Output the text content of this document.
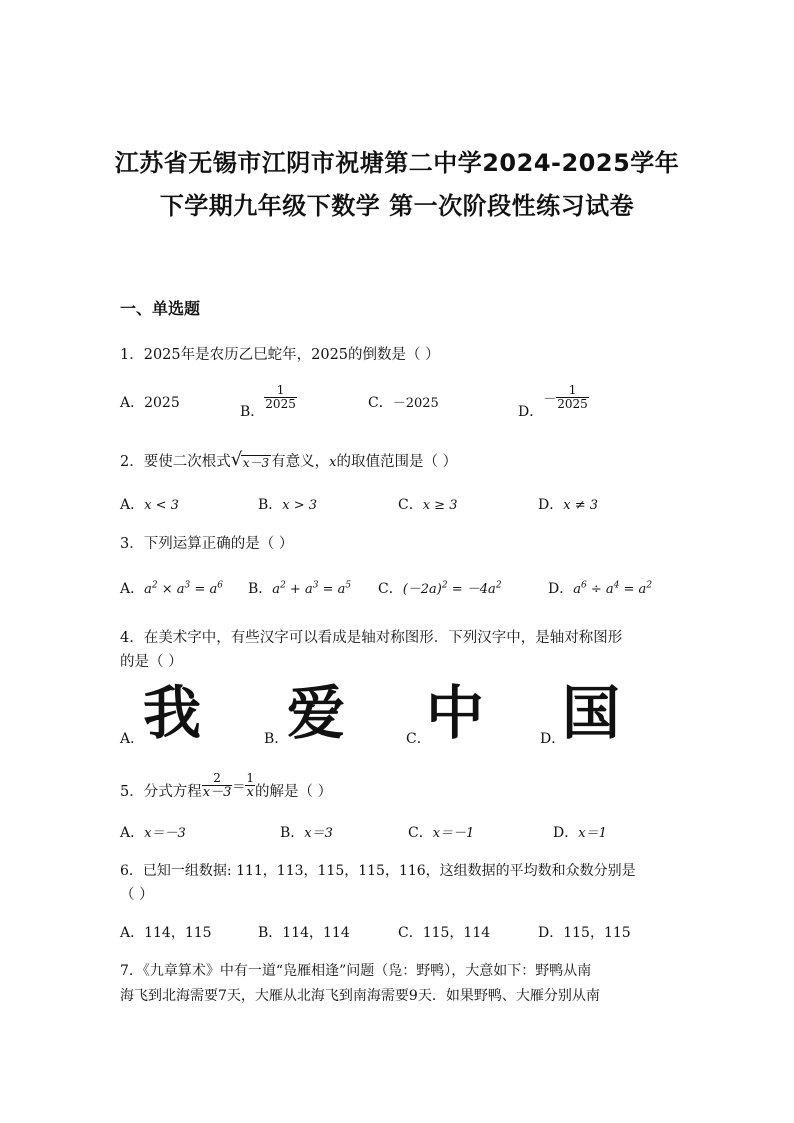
江苏省无锡市江阴市祝塘第二中学2024-2025学年
下学期九年级下数学 第一次阶段性练习试卷
一、单选题
1．2025年是农历乙巳蛇年，2025的倒数是（ ）
A．2025
B．
$\frac{1}{2025}$	C．－2025	D．－ $\frac{1}{2025}$
2．要使二次根式 √ x－3 有意义，x的取值范围是（ ）
A．x < 3	B．x > 3	C．x ≥ 3	D．x ≠ 3
3．下列运算正确的是（ ）
A．$a^2 \times a^3 = a^6$ B．$a^2 + a^3 = a^5$ C．$(-2a)^2 = -4a^2$	D．$a^6 \div a^4 = a^2$
4．在美术字中，有些汉字可以看成是轴对称图形．下列汉字中，是轴对称图形
的是（ ）
A．
我	B．
爱	C．
中	D．
国
5．分式方程 $\frac{2}{x-3} = \frac{1}{x}$ 的解是（ ）
A．x＝－3	B．x＝3	C．x＝－1	D．x＝1
6．已知一组数据: 111，113，115，115，116，这组数据的平均数和众数分别是
（ ）
A．114，115	B．114，114	C．115，114	D．115，115
7．《九章算术》中有一道“凫雁相逢”问题（凫：野鸭），大意如下：野鸭从南
海飞到北海需要7天，大雁从北海飞到南海需要9天．如果野鸭、大雁分别从南
